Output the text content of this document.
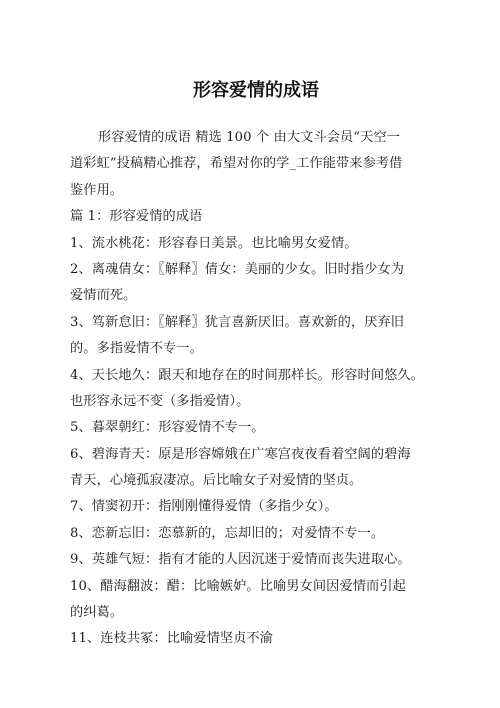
形容爱情的成语

形容爱情的成语 精选 100 个 由大文斗会员“天空一
道彩虹”投稿精心推荐，希望对你的学_工作能带来参考借
鉴作用。

篇 1：形容爱情的成语

1、流水桃花：形容春日美景。也比喻男女爱情。

2、离魂倩女：〖解释〗倩女：美丽的少女。旧时指少女为
爱情而死。

3、笃新怠旧：〖解释〗犹言喜新厌旧。喜欢新的，厌弃旧
的。多指爱情不专一。

4、天长地久：跟天和地存在的时间那样长。形容时间悠久。
也形容永远不变（多指爱情）。

5、暮翠朝红：形容爱情不专一。

6、碧海青天：原是形容嫦娥在广寒宫夜夜看着空阔的碧海
青天，心境孤寂凄凉。后比喻女子对爱情的坚贞。

7、情窦初开：指刚刚懂得爱情（多指少女）。

8、恋新忘旧：恋慕新的，忘却旧的；对爱情不专一。

9、英雄气短：指有才能的人因沉迷于爱情而丧失进取心。

10、醋海翻波：醋：比喻嫉妒。比喻男女间因爱情而引起
的纠葛。

11、连枝共冢：比喻爱情坚贞不渝
